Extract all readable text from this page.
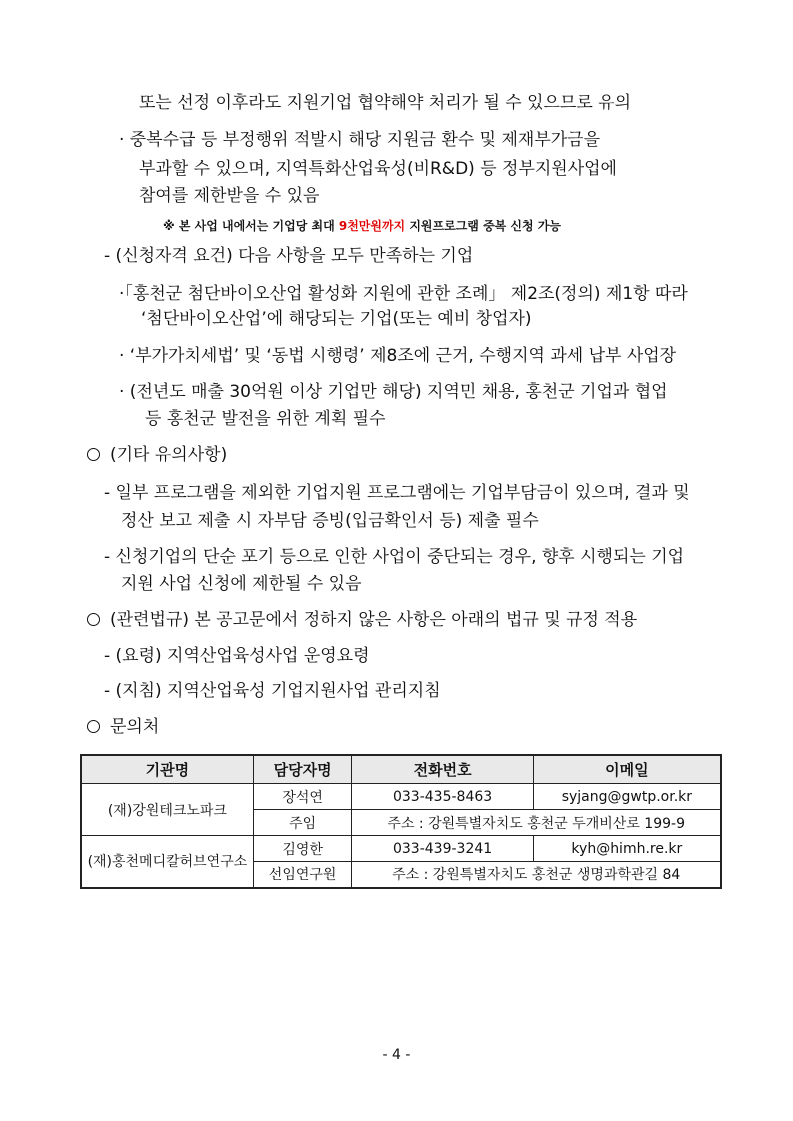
또는 선정 이후라도 지원기업 협약해약 처리가 될 수 있으므로 유의
· 중복수급 등 부정행위 적발시 해당 지원금 환수 및 제재부가금을
부과할 수 있으며, 지역특화산업육성(비R&D) 등 정부지원사업에
참여를 제한받을 수 있음
※ 본 사업 내에서는 기업당 최대 9천만원까지 지원프로그램 중복 신청 가능
- (신청자격 요건) 다음 사항을 모두 만족하는 기업
·「홍천군 첨단바이오산업 활성화 지원에 관한 조례」 제2조(정의) 제1항 따라
‘첨단바이오산업’에 해당되는 기업(또는 예비 창업자)
· ‘부가가치세법’ 및 ‘동법 시행령’ 제8조에 근거, 수행지역 과세 납부 사업장
· (전년도 매출 30억원 이상 기업만 해당) 지역민 채용, 홍천군 기업과 협업
등 홍천군 발전을 위한 계획 필수
(기타 유의사항)
- 일부 프로그램을 제외한 기업지원 프로그램에는 기업부담금이 있으며, 결과 및
정산 보고 제출 시 자부담 증빙(입금확인서 등) 제출 필수
- 신청기업의 단순 포기 등으로 인한 사업이 중단되는 경우, 향후 시행되는 기업
지원 사업 신청에 제한될 수 있음
(관련법규) 본 공고문에서 정하지 않은 사항은 아래의 법규 및 규정 적용
- (요령) 지역산업육성사업 운영요령
- (지침) 지역산업육성 기업지원사업 관리지침
문의처
기관명	담당자명	전화번호	이메일
(재)강원테크노파크	장석연	033-435-8463	syjang@gwtp.or.kr
	주임	주소 : 강원특별자치도 홍천군 두개비산로 199-9	
(재)홍천메디칼허브연구소	김영한	033-439-3241	kyh@himh.re.kr
	선임연구원	주소 : 강원특별자치도 홍천군 생명과학관길 84	
- 4 -
